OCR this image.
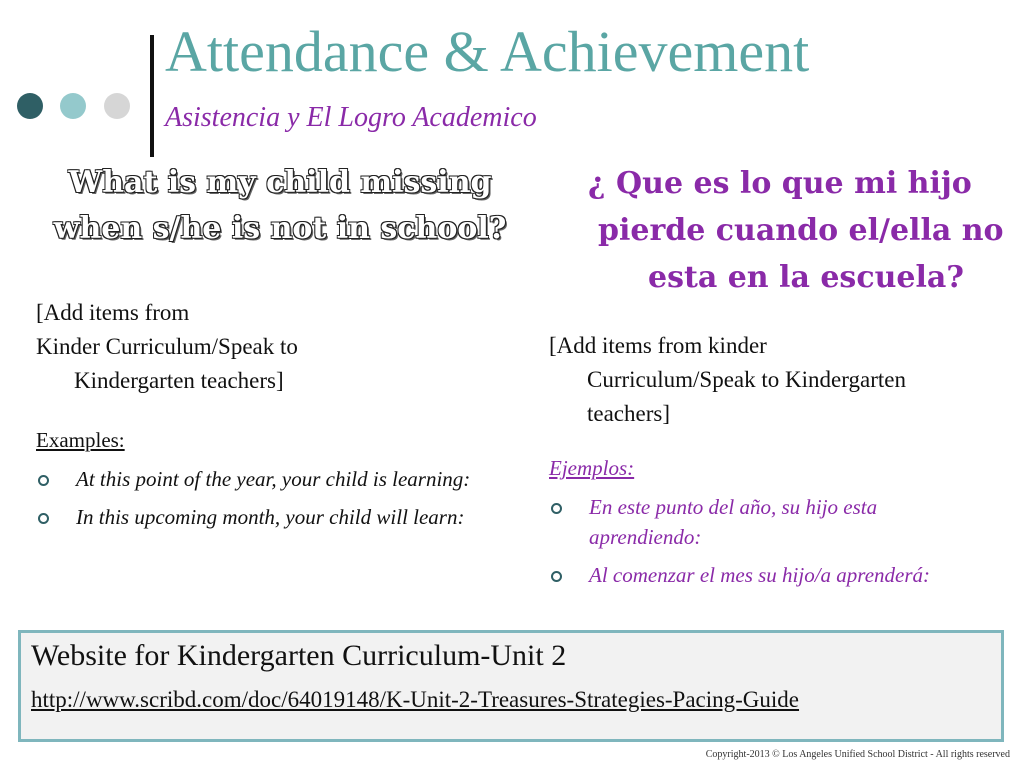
Attendance & Achievement
Asistencia y El Logro Academico
What is my child missing when s/he is not in school?
¿ Que es lo que mi hijo
pierde cuando el/ella no
esta en la escuela?
[Add items from
Kinder Curriculum/Speak to
Kindergarten teachers]
[Add items from kinder
Curriculum/Speak to Kindergarten
teachers]
Examples:
Ejemplos:
At this point of the year, your child is learning:
In this upcoming month, your child will learn:	En este punto del año, su hijo esta aprendiendo:
Al comenzar el mes su hijo/a aprenderá:
Website for Kindergarten Curriculum-Unit 2
http://www.scribd.com/doc/64019148/K-Unit-2-Treasures-Strategies-Pacing-Guide
Copyright-2013 © Los Angeles Unified School District - All rights reserved
